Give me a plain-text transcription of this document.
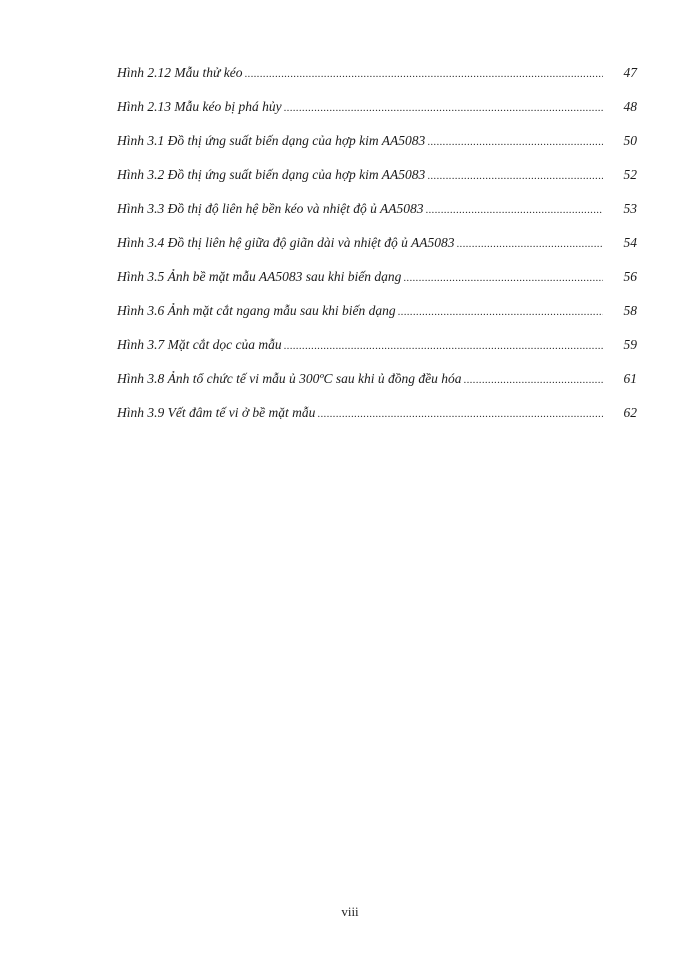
Hình 2.12 Mẫu thử kéo .....	47
Hình 2.13 Mẫu kéo bị phá hủy .....	48
Hình 3.1 Đồ thị ứng suất biến dạng của hợp kim AA5083 .....	50
Hình 3.2 Đồ thị ứng suất biến dạng của hợp kim AA5083 .....	52
Hình 3.3 Đồ thị độ liên hệ bền kéo và nhiệt độ ủ AA5083 .....	53
Hình 3.4 Đồ thị liên hệ giữa độ giãn dài và nhiệt độ ủ AA5083 .....	54
Hình 3.5 Ảnh bề mặt mẫu AA5083 sau khi biến dạng .....	56
Hình 3.6 Ảnh mặt cắt ngang mẫu sau khi biến dạng .....	58
Hình 3.7 Mặt cắt dọc của mẫu .....	59
Hình 3.8 Ảnh tổ chức tế vi mẫu ủ 300ºC sau khi ủ đồng đều hóa .....	61
Hình 3.9 Vết đâm tế vi ở bề mặt mẫu .....	62
viii
